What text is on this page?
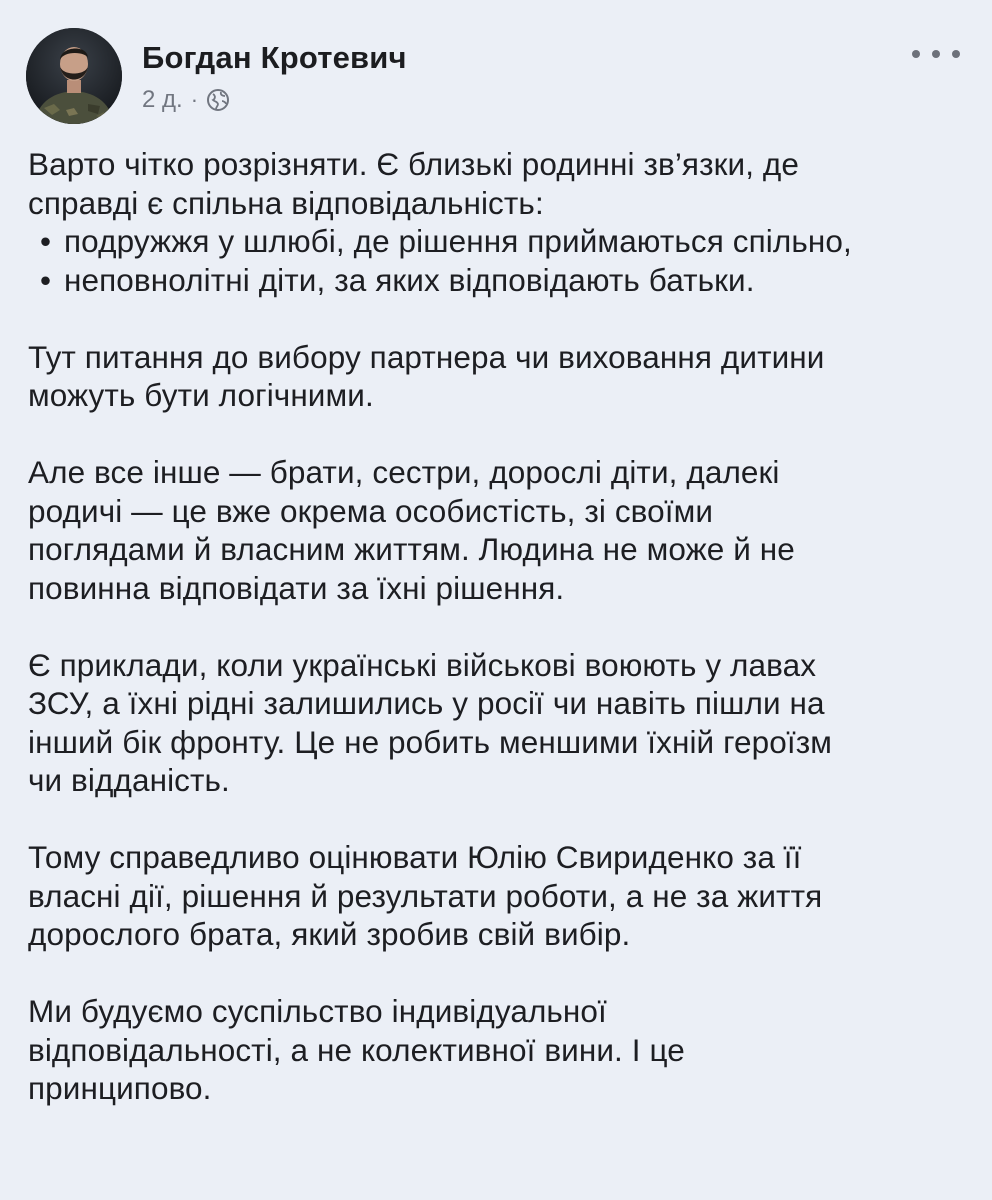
Богдан Кротевич
2 д. ·
Варто чітко розрізняти. Є близькі родинні зв’язки, де
справді є спільна відповідальність:
• подружжя у шлюбі, де рішення приймаються спільно,
• неповнолітні діти, за яких відповідають батьки.
Тут питання до вибору партнера чи виховання дитини
можуть бути логічними.
Але все інше — брати, сестри, дорослі діти, далекі
родичі — це вже окрема особистість, зі своїми
поглядами й власним життям. Людина не може й не
повинна відповідати за їхні рішення.
Є приклади, коли українські військові воюють у лавах
ЗСУ, а їхні рідні залишились у росії чи навіть пішли на
інший бік фронту. Це не робить меншими їхній героїзм
чи відданість.
Тому справедливо оцінювати Юлію Свириденко за її
власні дії, рішення й результати роботи, а не за життя
дорослого брата, який зробив свій вибір.
Ми будуємо суспільство індивідуальної
відповідальності, а не колективної вини. І це
принципово.
